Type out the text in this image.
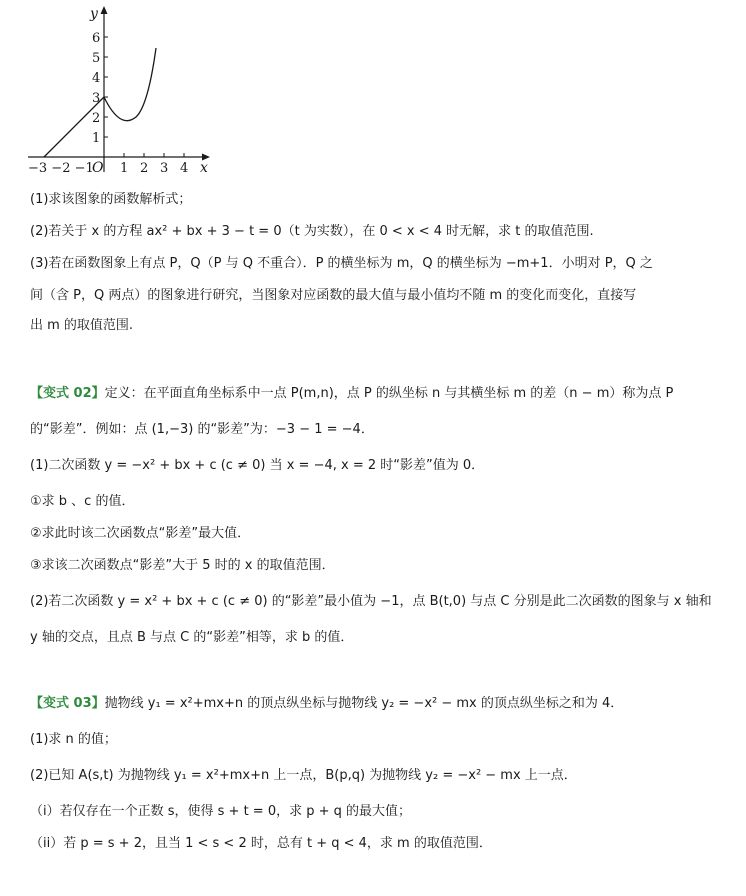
y
x
6
5
4
3
2
1
−3 −2 −1
O 1 2 3 4
(1)求该图象的函数解析式；
(2)若关于 x 的方程 ax² + bx + 3 − t = 0（t 为实数），在 0 < x < 4 时无解，求 t 的取值范围.
(3)若在函数图象上有点 P，Q（P 与 Q 不重合）．P 的横坐标为 m，Q 的横坐标为 −m+1．小明对 P，Q 之
间（含 P，Q 两点）的图象进行研究，当图象对应函数的最大值与最小值均不随 m 的变化而变化，直接写
出 m 的取值范围.
【变式 02】定义：在平面直角坐标系中一点 P(m,n)，点 P 的纵坐标 n 与其横坐标 m 的差（n − m）称为点 P
的“影差”．例如：点 (1,−3) 的“影差”为：−3 − 1 = −4．
(1)二次函数 y = −x² + bx + c (c ≠ 0) 当 x = −4, x = 2 时“影差”值为 0．
①求 b 、c 的值．
②求此时该二次函数点“影差”最大值．
③求该二次函数点“影差”大于 5 时的 x 的取值范围．
(2)若二次函数 y = x² + bx + c (c ≠ 0) 的“影差”最小值为 −1，点 B(t,0) 与点 C 分别是此二次函数的图象与 x 轴和
y 轴的交点，且点 B 与点 C 的“影差”相等，求 b 的值．
【变式 03】抛物线 y₁ = x²+mx+n 的顶点纵坐标与抛物线 y₂ = −x² − mx 的顶点纵坐标之和为 4．
(1)求 n 的值；
(2)已知 A(s,t) 为抛物线 y₁ = x²+mx+n 上一点，B(p,q) 为抛物线 y₂ = −x² − mx 上一点．
（i）若仅存在一个正数 s，使得 s + t = 0，求 p + q 的最大值；
（ii）若 p = s + 2，且当 1 < s < 2 时，总有 t + q < 4，求 m 的取值范围．
